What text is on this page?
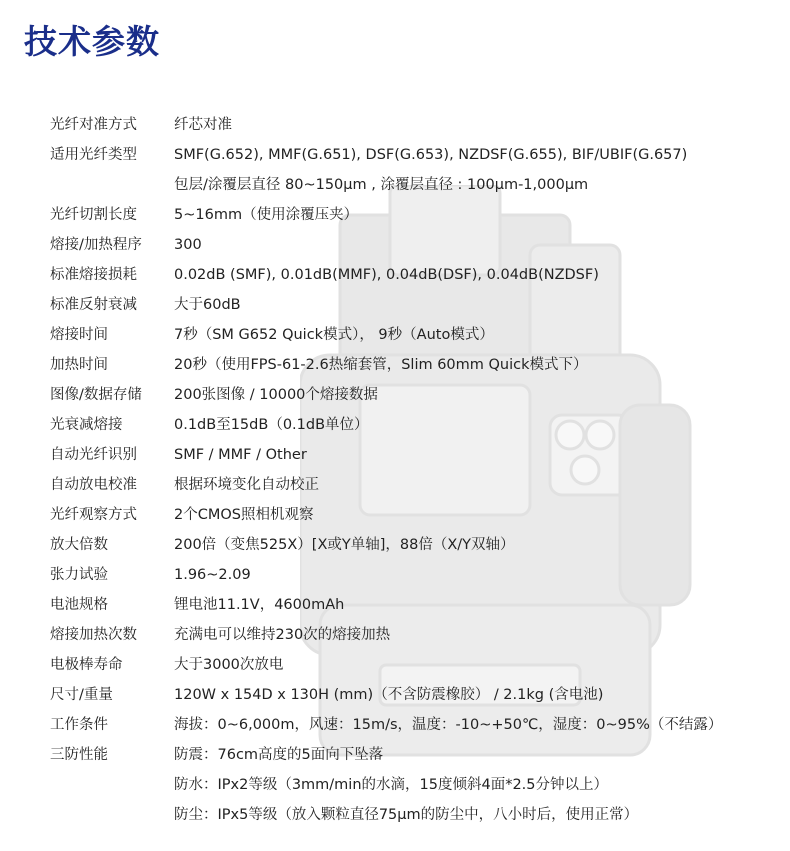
技术参数
光纤对准方式	纤芯对准
适用光纤类型	SMF(G.652), MMF(G.651), DSF(G.653), NZDSF(G.655), BIF/UBIF(G.657)
包层/涂覆层直径 80~150μm , 涂覆层直径 : 100μm-1,000μm
光纤切割长度	5~16mm（使用涂覆压夹）
熔接/加热程序 300
标准熔接损耗	0.02dB (SMF), 0.01dB(MMF), 0.04dB(DSF), 0.04dB(NZDSF)
标准反射衰减	大于60dB
熔接时间	7秒（SM G652 Quick模式）， 9秒（Auto模式）
加热时间	20秒（使用FPS-61-2.6热缩套管，Slim 60mm Quick模式下）
图像/数据存储 200张图像 / 10000个熔接数据
光衰减熔接	0.1dB至15dB（0.1dB单位）
自动光纤识别	SMF / MMF / Other
自动放电校准	根据环境变化自动校正
光纤观察方式	2个CMOS照相机观察
放大倍数	200倍（变焦525X）[X或Y单轴]，88倍（X/Y双轴）
张力试验	1.96~2.09
电池规格	锂电池11.1V，4600mAh
熔接加热次数	充满电可以维持230次的熔接加热
电极棒寿命	大于3000次放电
尺寸/重量	120W x 154D x 130H (mm)（不含防震橡胶） / 2.1kg (含电池)
工作条件	海拔：0~6,000m，风速：15m/s，温度：-10~+50℃，湿度：0~95%（不结露）
三防性能	防震：76cm高度的5面向下坠落
防水：IPx2等级（3mm/min的水滴，15度倾斜4面*2.5分钟以上）
防尘：IPx5等级（放入颗粒直径75μm的防尘中，八小时后，使用正常）
